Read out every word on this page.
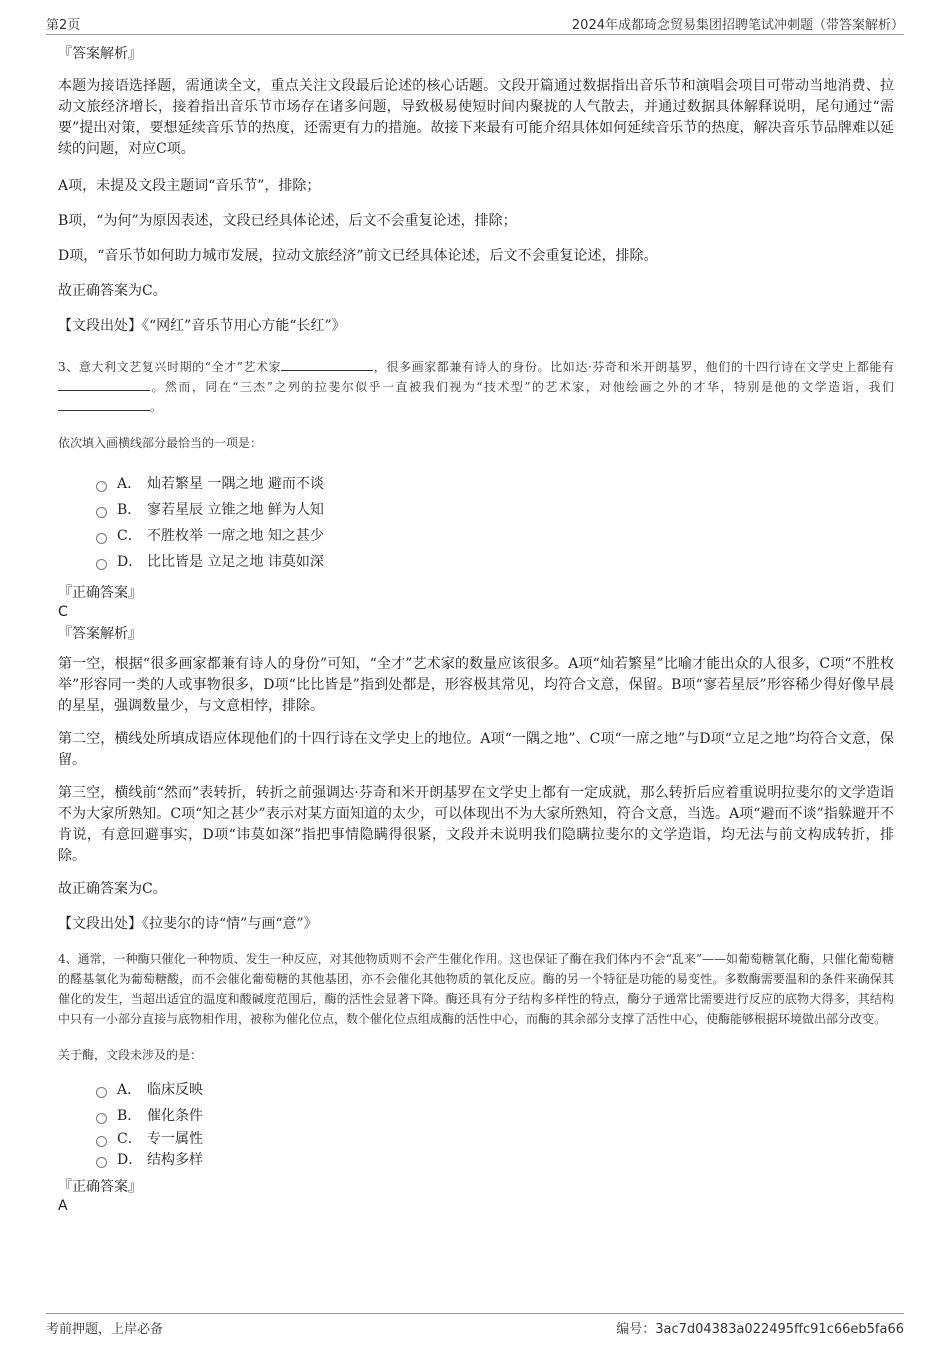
第2页	2024年成都琦念贸易集团招聘笔试冲刺题（带答案解析）

『答案解析』

本题为接语选择题，需通读全文，重点关注文段最后论述的核心话题。文段开篇通过数据指出音乐节和演唱会项目可带动当地消费、拉动文旅经济增长，接着指出音乐节市场存在诸多问题，导致极易使短时间内聚拢的人气散去，并通过数据具体解释说明，尾句通过“需要”提出对策，要想延续音乐节的热度，还需更有力的措施。故接下来最有可能介绍具体如何延续音乐节的热度，解决音乐节品牌难以延续的问题，对应C项。

A项，未提及文段主题词“音乐节”，排除；

B项，“为何”为原因表述，文段已经具体论述，后文不会重复论述，排除；

D项，“音乐节如何助力城市发展，拉动文旅经济”前文已经具体论述，后文不会重复论述，排除。

故正确答案为C。

【文段出处】《“网红”音乐节用心方能“长红”》

3、意大利文艺复兴时期的“全才”艺术家	，很多画家都兼有诗人的身份。比如达·芬奇和米开朗基罗，他们的十四行诗在文学史上都能有。然而，同在“三杰”之列的拉斐尔似乎一直被我们视为“技术型”的艺术家，对他绘画之外的才华，特别是他的文学造诣，我们。

依次填入画横线部分最恰当的一项是：

A． 灿若繁星 一隅之地 避而不谈
B． 寥若星辰 立锥之地 鲜为人知
C． 不胜枚举 一席之地 知之甚少
D． 比比皆是 立足之地 讳莫如深

『正确答案』

C

『答案解析』

第一空，根据“很多画家都兼有诗人的身份”可知，“全才”艺术家的数量应该很多。A项“灿若繁星”比喻才能出众的人很多，C项“不胜枚举”形容同一类的人或事物很多，D项“比比皆是”指到处都是，形容极其常见，均符合文意，保留。B项“寥若星辰”形容稀少得好像早晨的星星，强调数量少，与文意相悖，排除。

第二空，横线处所填成语应体现他们的十四行诗在文学史上的地位。A项“一隅之地”、C项“一席之地”与D项“立足之地”均符合文意，保留。

第三空，横线前“然而”表转折，转折之前强调达·芬奇和米开朗基罗在文学史上都有一定成就，那么转折后应着重说明拉斐尔的文学造诣不为大家所熟知。C项“知之甚少”表示对某方面知道的太少，可以体现出不为大家所熟知，符合文意，当选。A项“避而不谈”指躲避开不肯说，有意回避事实，D项“讳莫如深”指把事情隐瞒得很紧，文段并未说明我们隐瞒拉斐尔的文学造诣，均无法与前文构成转折，排除。

故正确答案为C。

【文段出处】《拉斐尔的诗“情”与画“意”》

4、通常，一种酶只催化一种物质、发生一种反应，对其他物质则不会产生催化作用。这也保证了酶在我们体内不会“乱来”——如葡萄糖氧化酶，只催化葡萄糖的醛基氧化为葡萄糖酸，而不会催化葡萄糖的其他基团，亦不会催化其他物质的氧化反应。酶的另一个特征是功能的易变性。多数酶需要温和的条件来确保其催化的发生，当超出适宜的温度和酸碱度范围后，酶的活性会显著下降。酶还具有分子结构多样性的特点，酶分子通常比需要进行反应的底物大得多，其结构中只有一小部分直接与底物相作用，被称为催化位点，数个催化位点组成酶的活性中心，而酶的其余部分支撑了活性中心，使酶能够根据环境做出部分改变。

关于酶，文段未涉及的是：

A． 临床反映
B． 催化条件
C． 专一属性
D． 结构多样

『正确答案』

A

考前押题，上岸必备	编号：3ac7d04383a022495ffc91c66eb5fa66
